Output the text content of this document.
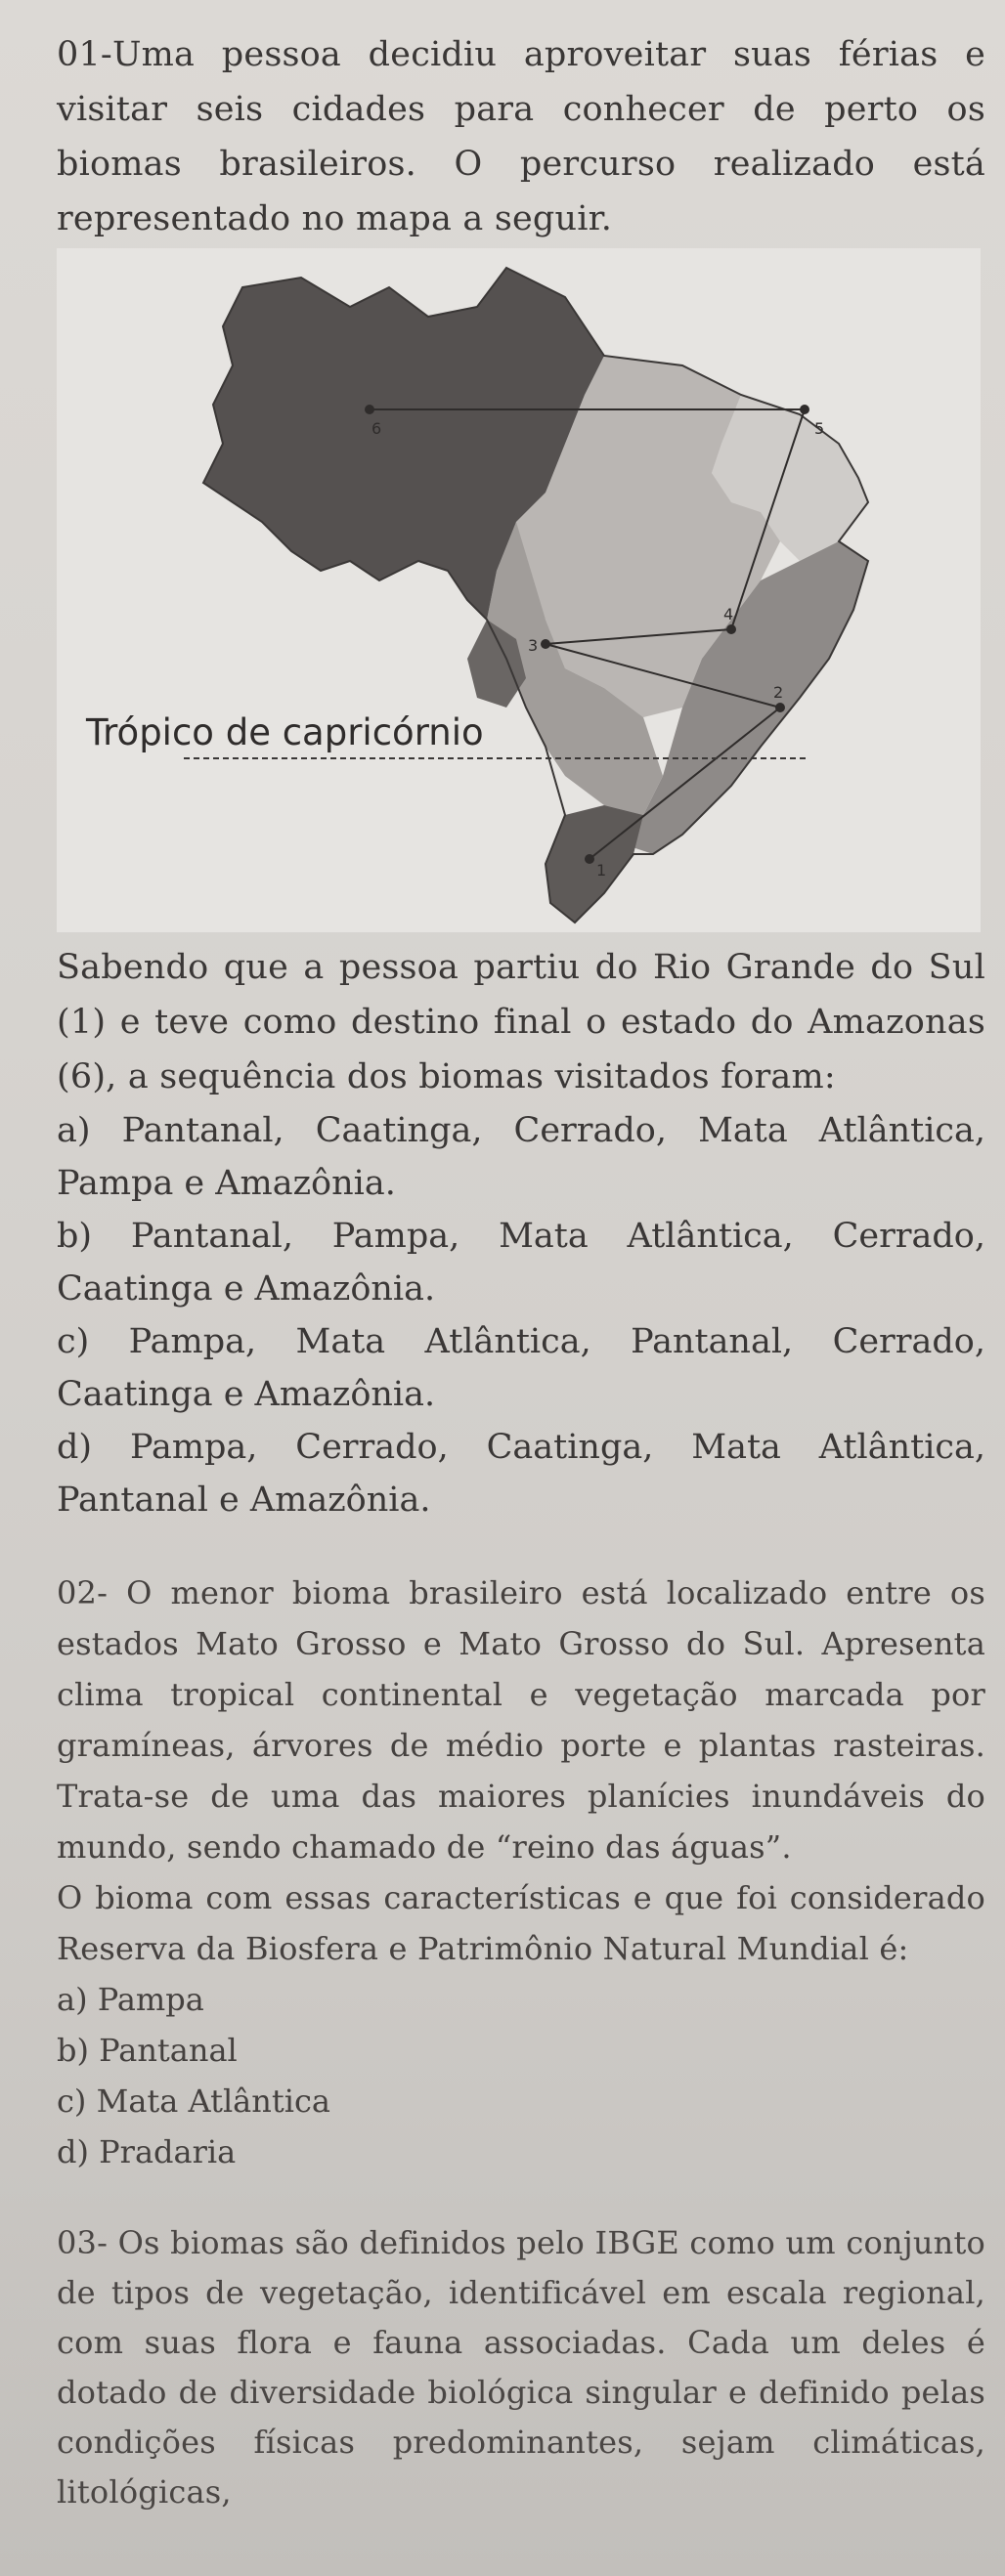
01-Uma pessoa decidiu aproveitar suas férias e visitar seis cidades para conhecer de perto os biomas brasileiros. O percurso realizado está representado no mapa a seguir.

1
2
3
4
5
6
Trópico de capricórnio

Sabendo que a pessoa partiu do Rio Grande do Sul (1) e teve como destino final o estado do Amazonas (6), a sequência dos biomas visitados foram:

a) Pantanal, Caatinga, Cerrado, Mata Atlântica, Pampa e Amazônia.

b) Pantanal, Pampa, Mata Atlântica, Cerrado, Caatinga e Amazônia.

c) Pampa, Mata Atlântica, Pantanal, Cerrado, Caatinga e Amazônia.

d) Pampa, Cerrado, Caatinga, Mata Atlântica, Pantanal e Amazônia.

02- O menor bioma brasileiro está localizado entre os estados Mato Grosso e Mato Grosso do Sul. Apresenta clima tropical continental e vegetação marcada por gramíneas, árvores de médio porte e plantas rasteiras. Trata-se de uma das maiores planícies inundáveis do mundo, sendo chamado de “reino das águas”.

O bioma com essas características e que foi considerado Reserva da Biosfera e Patrimônio Natural Mundial é:

a) Pampa

b) Pantanal

c) Mata Atlântica

d) Pradaria

03- Os biomas são definidos pelo IBGE como um conjunto de tipos de vegetação, identificável em escala regional, com suas flora e fauna associadas. Cada um deles é dotado de diversidade biológica singular e definido pelas condições físicas predominantes, sejam climáticas, litológicas,
